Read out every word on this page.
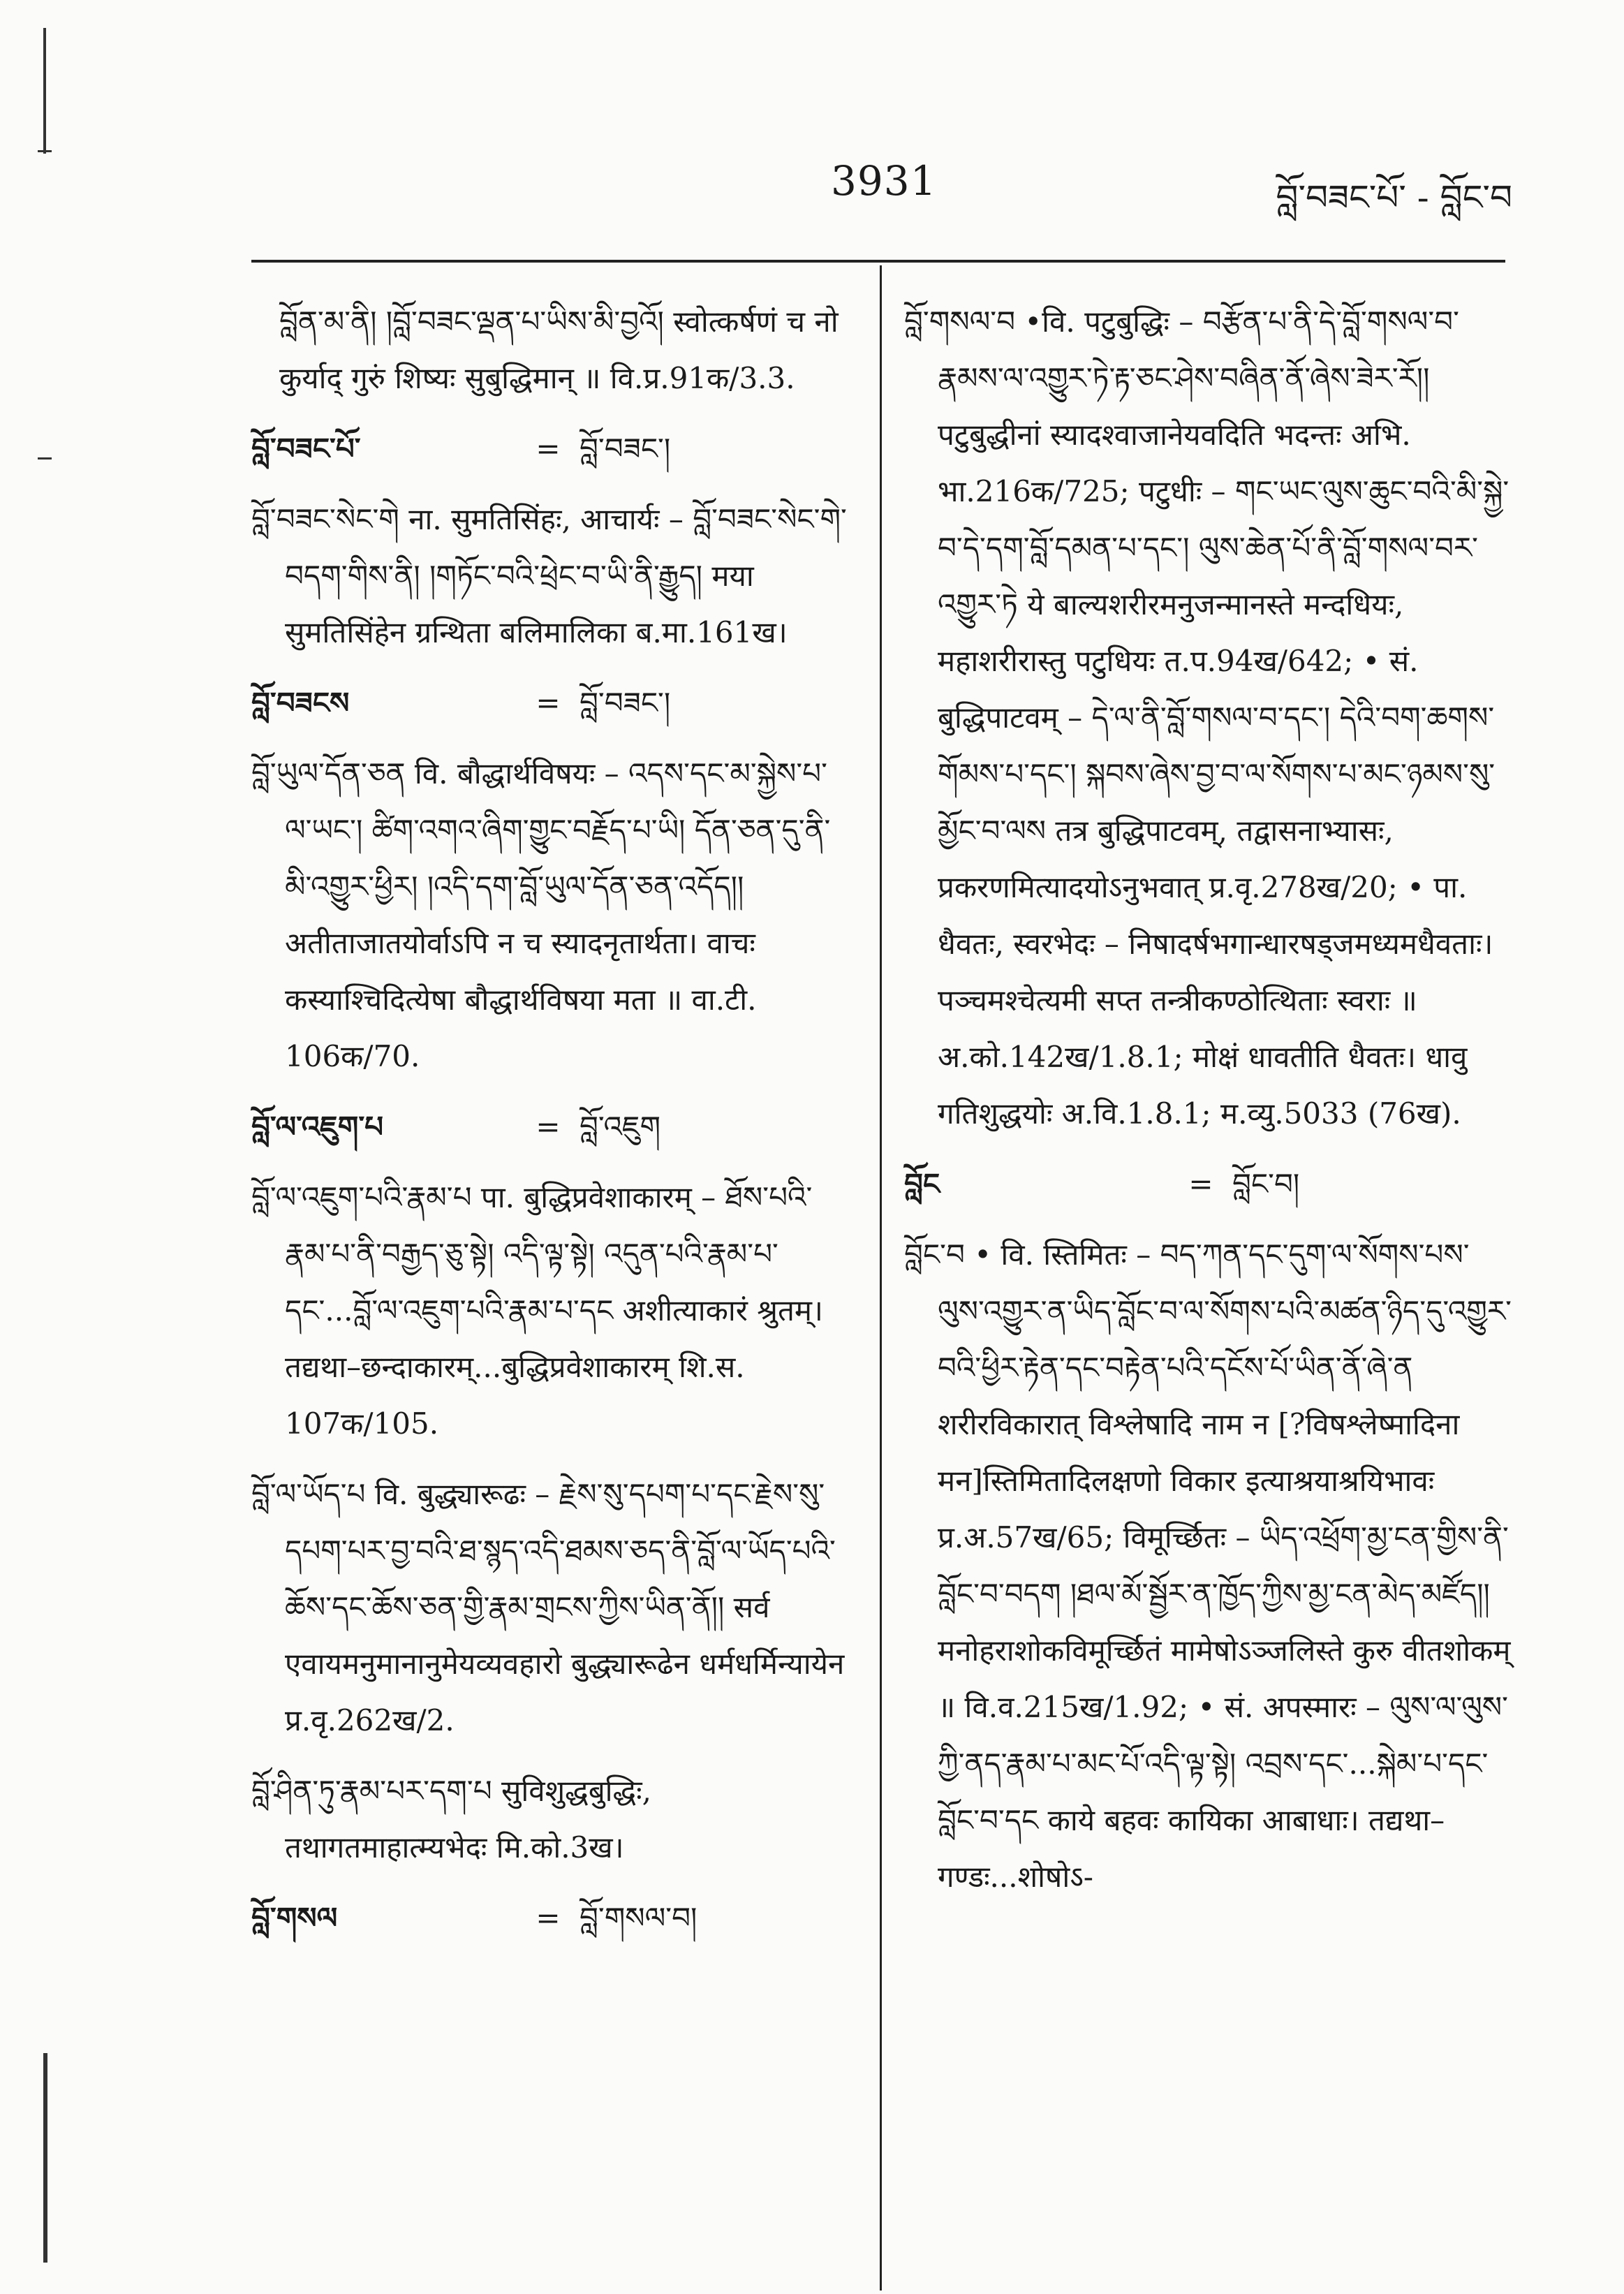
3931	བློ་བཟང་པོ་ - བློང་བ

བློན་མ་ནི། །བློ་བཟང་ལྡན་པ་ཡིས་མི་བྱའོ། स्वोत्कर्षणं च नो कुर्याद् गुरुं शिष्यः सुबुद्धिमान् ॥ वि.प्र.91क/3.3.

བློ་བཟང་པོ་	= བློ་བཟང་།

བློ་བཟང་སེང་གེ ना. सुमतिसिंहः, आचार्यः – བློ་བཟང་སེང་གེ་བདག་གིས་ནི། །གཏོང་བའི་ཕྲེང་བ་ཡི་ནི་རྒྱུད། मया सुमतिसिंहेन ग्रन्थिता बलिमालिका ब.मा.161ख।

བློ་བཟངས	= བློ་བཟང་།

བློ་ཡུལ་དོན་ཅན वि. बौद्धार्थविषयः – འདས་དང་མ་སྐྱེས་པ་ལ་ཡང་། ཚིག་འགའ་ཞིག་གྱུང་བརྗོད་པ་ཡི། དོན་ཅན་དུ་ནི་མི་འགྱུར་ཕྱིར། །འདི་དག་བློ་ཡུལ་དོན་ཅན་འདོད།། अतीताजातयोर्वाऽपि न च स्यादनृतार्थता। वाचः कस्याश्चिदित्येषा बौद्धार्थविषया मता ॥ वा.टी. 106क/70.

བློ་ལ་འཇུག་པ	= བློ་འཇུག

བློ་ལ་འཇུག་པའི་རྣམ་པ पा. बुद्धिप्रवेशाकारम् – ཐོས་པའི་རྣམ་པ་ནི་བརྒྱད་ཅུ་སྟེ། འདི་ལྟ་སྟེ། འདུན་པའི་རྣམ་པ་དང་...བློ་ལ་འཇུག་པའི་རྣམ་པ་དང अशीत्याकारं श्रुतम्। तद्यथा–छन्दाकारम्...बुद्धिप्रवेशाकारम् शि.स. 107क/105.

བློ་ལ་ཡོད་པ वि. बुद्ध्यारूढः – རྗེས་སུ་དཔག་པ་དང་རྗེས་སུ་དཔག་པར་བྱ་བའི་ཐ་སྙད་འདི་ཐམས་ཅད་ནི་བློ་ལ་ཡོད་པའི་ཆོས་དང་ཆོས་ཅན་གྱི་རྣམ་གྲངས་ཀྱིས་ཡིན་ནོ།། सर्व एवायमनुमानानुमेयव्यवहारो बुद्ध्यारूढेन धर्मधर्मिन्यायेन प्र.वृ.262ख/2.

བློ་ཤིན་ཏུ་རྣམ་པར་དག་པ सुविशुद्धबुद्धिः, तथागतमाहात्म्यभेदः मि.को.3ख।

བློ་གསལ	= བློ་གསལ་བ།

བློ་གསལ་བ •वि. पटुबुद्धिः – བརྩོན་པ་ནི་དེ་བློ་གསལ་བ་རྣམས་ལ་འགྱུར་ཏེ་རྟ་ཅང་ཤེས་བཞིན་ནོ་ཞེས་ཟེར་རོ།། पटुबुद्धीनां स्यादश्वाजानेयवदिति भदन्तः अभि. भा.216क/725; पटुधीः – གང་ཡང་ལུས་ཆུང་བའི་མི་སྐྱེ་བ་དེ་དག་བློ་དམན་པ་དང་། ལུས་ཆེན་པོ་ནི་བློ་གསལ་བར་འགྱུར་ཏེ ये बाल्यशरीरमनुजन्मानस्ते मन्दधियः, महाशरीरास्तु पटुधियः त.प.94ख/642; • सं. बुद्धिपाटवम् – དེ་ལ་ནི་བློ་གསལ་བ་དང་། དེའི་བག་ཆགས་གོམས་པ་དང་། སྐབས་ཞེས་བྱ་བ་ལ་སོགས་པ་མང་ཉམས་སུ་མྱོང་བ་ལས तत्र बुद्धिपाटवम्, तद्वासनाभ्यासः, प्रकरणमित्यादयोऽनुभवात् प्र.वृ.278ख/20; • पा. धैवतः, स्वरभेदः – निषादर्षभगान्धारषड्जमध्यमधैवताः। पञ्चमश्चेत्यमी सप्त तन्त्रीकण्ठोत्थिताः स्वराः ॥ अ.को.142ख/1.8.1; मोक्षं धावतीति धैवतः। धावु गतिशुद्धयोः अ.वि.1.8.1; म.व्यु.5033 (76ख).

བློང	= བློང་བ།

བློང་བ • वि. स्तिमितः – བད་ཀན་དང་དུག་ལ་སོགས་པས་ལུས་འགྱུར་ན་ཡིད་བློང་བ་ལ་སོགས་པའི་མཚན་ཉིད་དུ་འགྱུར་བའི་ཕྱིར་རྟེན་དང་བརྟེན་པའི་དངོས་པོ་ཡིན་ནོ་ཞེ་ན शरीरविकारात् विश्लेषादि नाम न [?विषश्लेष्मादिना मन]स्तिमितादिलक्षणो विकार इत्याश्रयाश्रयिभावः प्र.अ.57ख/65; विमूर्च्छितः – ཡིད་འཕྲོག་མྱ་ངན་གྱིས་ནི་བློང་བ་བདག །ཐལ་མོ་སྦྱོར་ན་ཁྱོད་ཀྱིས་མྱ་ངན་མེད་མཛོད།། मनोहराशोकविमूर्च्छितं मामेषोऽञ्जलिस्ते कुरु वीतशोकम् ॥ वि.व.215ख/1.92; • सं. अपस्मारः – ལུས་ལ་ལུས་ཀྱི་ནད་རྣམ་པ་མང་པོ་འདི་ལྟ་སྟེ། འབྲས་དང་...སྐེམ་པ་དང་བློང་བ་དང काये बहवः कायिका आबाधाः। तद्यथा–गण्डः...शोषोऽ-
